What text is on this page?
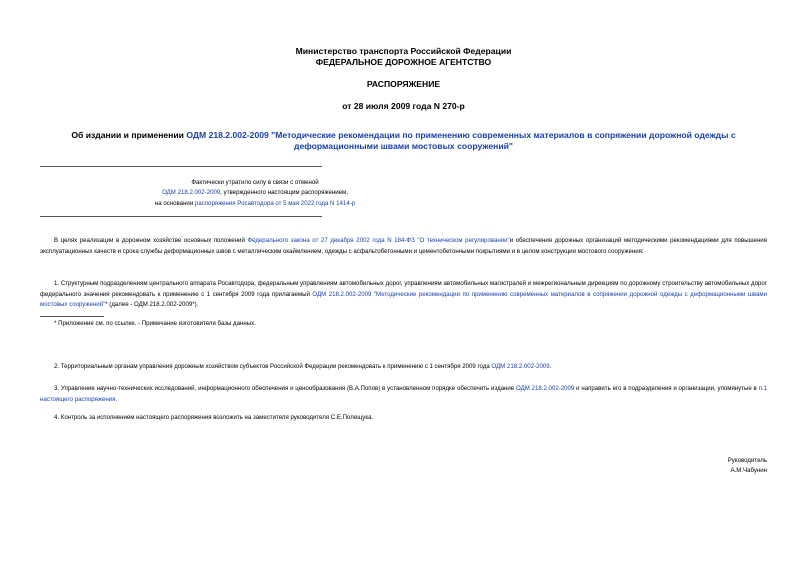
Министерство транспорта Российской Федерации
ФЕДЕРАЛЬНОЕ ДОРОЖНОЕ АГЕНТСТВО
РАСПОРЯЖЕНИЕ
от 28 июля 2009 года N 270-р
Об издании и применении ОДМ 218.2.002-2009 "Методические рекомендации по применению современных материалов в сопряжении дорожной одежды с деформационными швами мостовых сооружений"
Фактически утратило силу в связи с отменой
ОДМ 218.2.002-2009, утвержденного настоящим распоряжением,
на основании распоряжения Росавтодора от 5 мая 2022 года N 1414-р
В целях реализации в дорожном хозяйстве основных положений Федерального закона от 27 декабря 2002 года N 184-ФЗ "О техническом регулировании"и обеспечения дорожных организаций методическими рекомендациями для повышения эксплуатационных качеств и срока службы деформационных швов с металлическим окаймлением, одежды с асфальтобетонными и цементобетонными покрытиями и в целом конструкции мостового сооружения:
1. Структурным подразделениям центрального аппарата Росавтодора, федеральным управлениям автомобильных дорог, управлениям автомобильных магистралей и межрегиональным дирекциям по дорожному строительству автомобильных дорог федерального значения рекомендовать к применению с 1 сентября 2009 года прилагаемый ОДМ 218.2.002-2009 "Методические рекомендации по применению современных материалов в сопряжении дорожной одежды с деформационными швами мостовых сооружений"* (далее - ОДМ 218.2.002-2009*).
* Приложение см. по ссылке. - Примечание изготовителя базы данных.
2. Территориальным органам управления дорожным хозяйством субъектов Российской Федерации рекомендовать к применению с 1 сентября 2009 года ОДМ 218.2.002-2009.
3. Управление научно-технических исследований, информационного обеспечения и ценообразования (В.А.Попов) в установленном порядке обеспечить издание ОДМ 218.2.002-2009 и направить его в подразделения и организации, упомянутые в п.1 настоящего распоряжения.
4. Контроль за исполнением настоящего распоряжения возложить на заместителя руководителя С.Е.Полещука.
Руководитель
А.М.Чабунин
